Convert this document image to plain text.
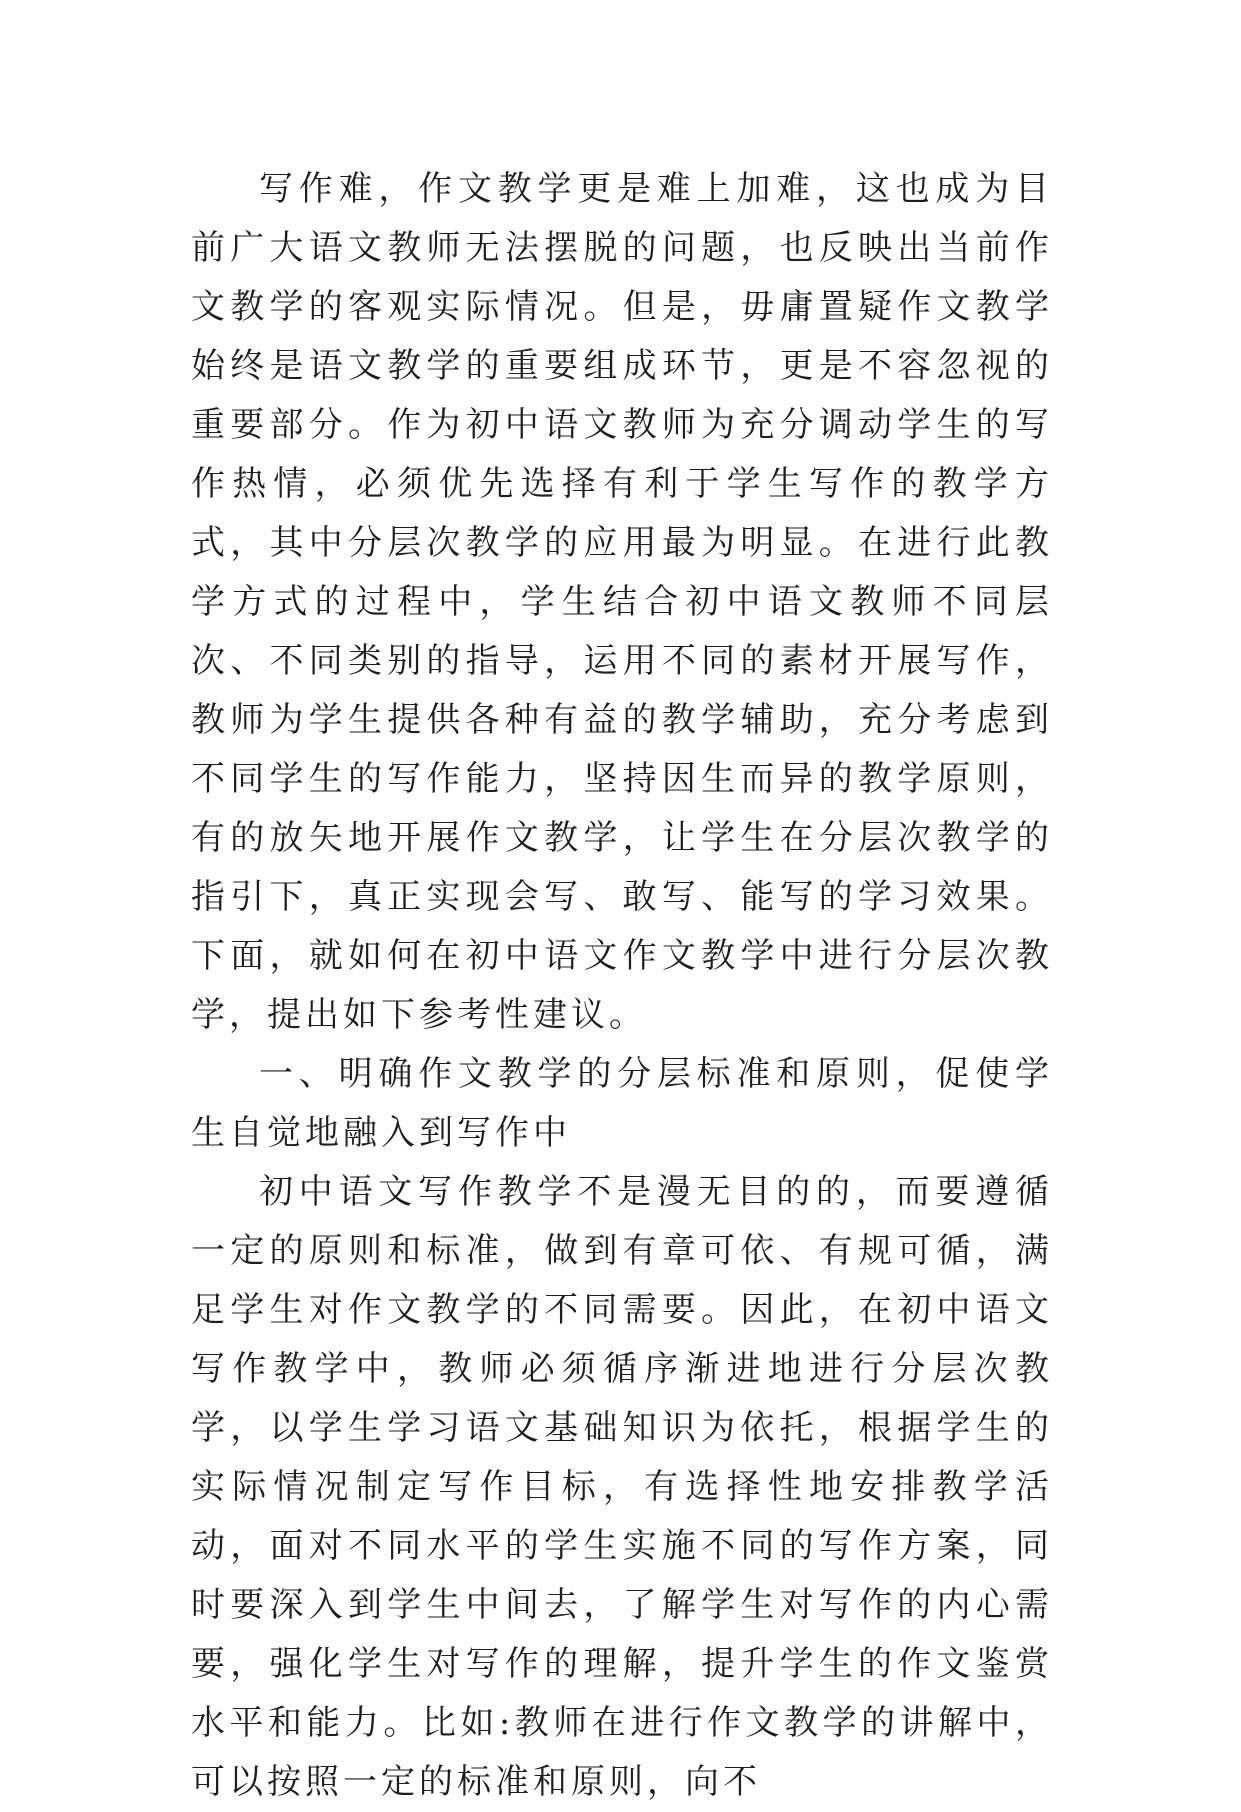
写作难，作文教学更是难上加难，这也成为目前广大语文教师无法摆脱的问题，也反映出当前作文教学的客观实际情况。但是，毋庸置疑作文教学始终是语文教学的重要组成环节，更是不容忽视的重要部分。作为初中语文教师为充分调动学生的写作热情，必须优先选择有利于学生写作的教学方式，其中分层次教学的应用最为明显。在进行此教学方式的过程中，学生结合初中语文教师不同层次、不同类别的指导，运用不同的素材开展写作，教师为学生提供各种有益的教学辅助，充分考虑到不同学生的写作能力，坚持因生而异的教学原则，有的放矢地开展作文教学，让学生在分层次教学的指引下，真正实现会写、敢写、能写的学习效果。下面，就如何在初中语文作文教学中进行分层次教学，提出如下参考性建议。

一、明确作文教学的分层标准和原则，促使学生自觉地融入到写作中

初中语文写作教学不是漫无目的的，而要遵循一定的原则和标准，做到有章可依、有规可循，满足学生对作文教学的不同需要。因此，在初中语文写作教学中，教师必须循序渐进地进行分层次教学，以学生学习语文基础知识为依托，根据学生的实际情况制定写作目标，有选择性地安排教学活动，面对不同水平的学生实施不同的写作方案，同时要深入到学生中间去，了解学生对写作的内心需要，强化学生对写作的理解，提升学生的作文鉴赏水平和能力。比如:教师在进行作文教学的讲解中，可以按照一定的标准和原则，向不
